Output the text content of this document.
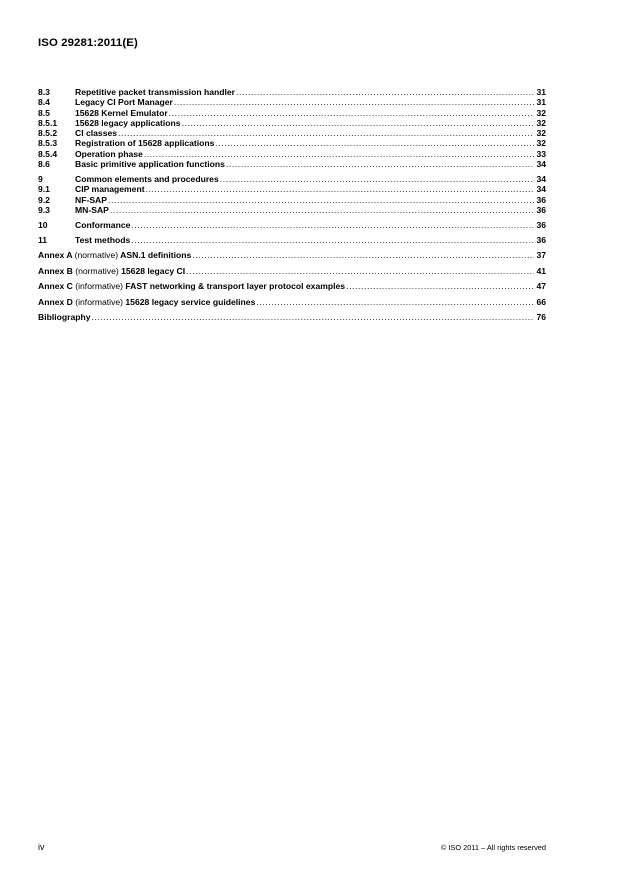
ISO 29281:2011(E)
8.3	Repetitive packet transmission handler .....	31
8.4	Legacy CI Port Manager .....	31
8.5	15628 Kernel Emulator .....	32
8.5.1	15628 legacy applications .....	32
8.5.2	CI classes .....	32
8.5.3	Registration of 15628 applications .....	32
8.5.4	Operation phase .....	33
8.6	Basic primitive application functions .....	34
9	Common elements and procedures .....	34
9.1	CIP management .....	34
9.2	NF-SAP .....	36
9.3	MN-SAP .....	36
10	Conformance .....	36
11	Test methods .....	36
Annex A (normative) ASN.1 definitions .....	37
Annex B (normative) 15628 legacy CI .....	41
Annex C (informative) FAST networking & transport layer protocol examples .....	47
Annex D (informative) 15628 legacy service guidelines .....	66
Bibliography .....	76
iv	© ISO 2011 – All rights reserved
